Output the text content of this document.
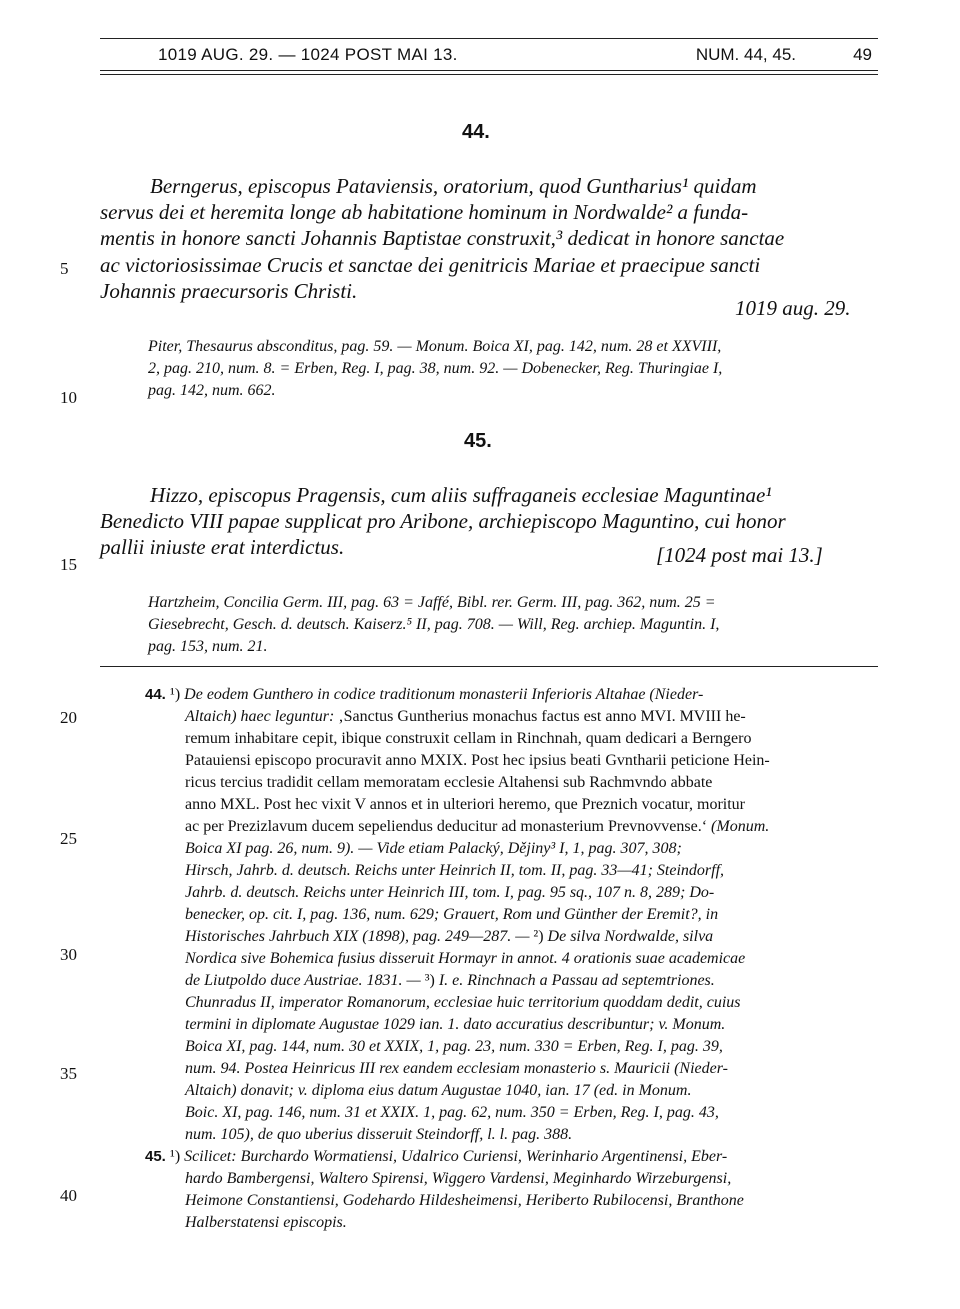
1019 AUG. 29. — 1024 POST MAI 13.	NUM. 44, 45.	49
5
10
15
20
25
30
35
40
44.
Berngerus, episcopus Pataviensis, oratorium, quod Guntharius¹ quidam
servus dei et heremita longe ab habitatione hominum in Nordwalde² a funda-
mentis in honore sancti Johannis Baptistae construxit,³ dedicat in honore sanctae
ac victoriosissimae Crucis et sanctae dei genitricis Mariae et praecipue sancti
Johannis praecursoris Christi.
1019 aug. 29.
Piter, Thesaurus absconditus, pag. 59. — Monum. Boica XI, pag. 142, num. 28 et XXVIII,
2, pag. 210, num. 8. = Erben, Reg. I, pag. 38, num. 92. — Dobenecker, Reg. Thuringiae I,
pag. 142, num. 662.
45.
Hizzo, episcopus Pragensis, cum aliis suffraganeis ecclesiae Maguntinae¹
Benedicto VIII papae supplicat pro Aribone, archiepiscopo Maguntino, cui honor
pallii iniuste erat interdictus.	[1024 post mai 13.]
Hartzheim, Concilia Germ. III, pag. 63 = Jaffé, Bibl. rer. Germ. III, pag. 362, num. 25 =
Giesebrecht, Gesch. d. deutsch. Kaiserz.⁵ II, pag. 708. — Will, Reg. archiep. Maguntin. I,
pag. 153, num. 21.
44. ¹) De eodem Gunthero in codice traditionum monasterii Inferioris Altahae (Nieder-
Altaich) haec leguntur: ‚Sanctus Guntherius monachus factus est anno MVI. MVIII he-
remum inhabitare cepit, ibique construxit cellam in Rinchnah, quam dedicari a Berngero
Patauiensi episcopo procuravit anno MXIX. Post hec ipsius beati Gvntharii peticione Hein-
ricus tercius tradidit cellam memoratam ecclesie Altahensi sub Rachmvndo abbate
anno MXL. Post hec vixit V annos et in ulteriori heremo, que Preznich vocatur, moritur
ac per Prezizlavum ducem sepeliendus deducitur ad monasterium Prevnovvense.‘ (Monum.
Boica XI pag. 26, num. 9). — Vide etiam Palacký, Dějiny³ I, 1, pag. 307, 308;
Hirsch, Jahrb. d. deutsch. Reichs unter Heinrich II, tom. II, pag. 33—41; Steindorff,
Jahrb. d. deutsch. Reichs unter Heinrich III, tom. I, pag. 95 sq., 107 n. 8, 289; Do-
benecker, op. cit. I, pag. 136, num. 629; Grauert, Rom und Günther der Eremit?, in
Historisches Jahrbuch XIX (1898), pag. 249—287. — ²) De silva Nordwalde, silva
Nordica sive Bohemica fusius disseruit Hormayr in annot. 4 orationis suae academicae
de Liutpoldo duce Austriae. 1831. — ³) I. e. Rinchnach a Passau ad septemtriones.
Chunradus II, imperator Romanorum, ecclesiae huic territorium quoddam dedit, cuius
termini in diplomate Augustae 1029 ian. 1. dato accuratius describuntur; v. Monum.
Boica XI, pag. 144, num. 30 et XXIX, 1, pag. 23, num. 330 = Erben, Reg. I, pag. 39,
num. 94. Postea Heinricus III rex eandem ecclesiam monasterio s. Mauricii (Nieder-
Altaich) donavit; v. diploma eius datum Augustae 1040, ian. 17 (ed. in Monum.
Boic. XI, pag. 146, num. 31 et XXIX. 1, pag. 62, num. 350 = Erben, Reg. I, pag. 43,
num. 105), de quo uberius disseruit Steindorff, l. l. pag. 388.
45. ¹) Scilicet: Burchardo Wormatiensi, Udalrico Curiensi, Werinhario Argentinensi, Eber-
hardo Bambergensi, Waltero Spirensi, Wiggero Vardensi, Meginhardo Wirzeburgensi,
Heimone Constantiensi, Godehardo Hildesheimensi, Heriberto Rubilocensi, Branthone
Halberstatensi episcopis.
